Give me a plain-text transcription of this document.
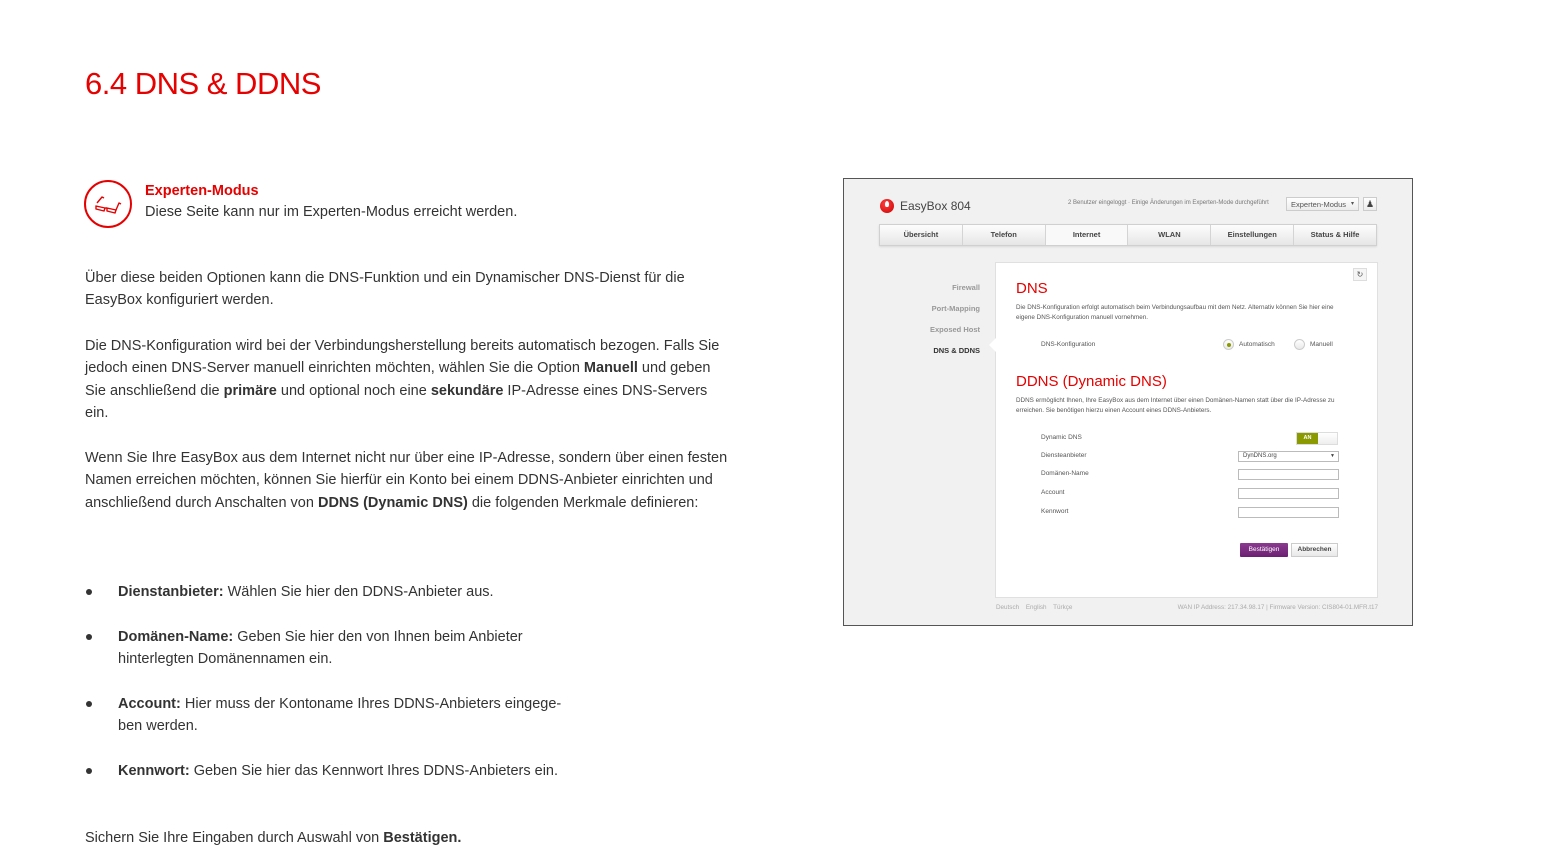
6.4 DNS & DDNS
Experten-Modus
Diese Seite kann nur im Experten-Modus erreicht werden.

Über diese beiden Optionen kann die DNS-Funktion und ein Dynamischer DNS-Dienst für die EasyBox konfiguriert werden.

Die DNS-Konfiguration wird bei der Verbindungsherstellung bereits automatisch bezogen. Falls Sie jedoch einen DNS-Server manuell einrichten möchten, wählen Sie die Option Manuell und geben Sie anschließend die primäre und optional noch eine sekundäre IP-Adresse eines DNS-Servers ein.

Wenn Sie Ihre EasyBox aus dem Internet nicht nur über eine IP-Adresse, sondern über einen festen Namen erreichen möchten, können Sie hierfür ein Konto bei einem DDNS-Anbieter einrichten und anschließend durch Anschalten von DDNS (Dynamic DNS) die folgenden Merkmale definieren:

Dienstanbieter: Wählen Sie hier den DDNS-Anbieter aus.
Domänen-Name: Geben Sie hier den von Ihnen beim Anbieter hinterlegten Domänennamen ein.
Account: Hier muss der Kontoname Ihres DDNS-Anbieters eingege-ben werden.
Kennwort: Geben Sie hier das Kennwort Ihres DDNS-Anbieters ein.

Sichern Sie Ihre Eingaben durch Auswahl von Bestätigen.

EasyBox 804	2 Benutzer eingeloggt · Einige Änderungen im Experten-Mode durchgeführt	Experten-Modus ▾	♟
Übersicht	Telefon	Internet	WLAN	Einstellungen	Status & Hilfe
Firewall
Port-Mapping
Exposed Host
DNS & DDNS
↻
DNS
Die DNS-Konfiguration erfolgt automatisch beim Verbindungsaufbau mit dem Netz. Alternativ können Sie hier eine eigene DNS-Konfiguration manuell vornehmen.
DNS-Konfiguration	Automatisch	Manuell
DDNS (Dynamic DNS)
DDNS ermöglicht Ihnen, Ihre EasyBox aus dem Internet über einen Domänen-Namen statt über die IP-Adresse zu erreichen. Sie benötigen hierzu einen Account eines DDNS-Anbieters.
Dynamic DNS	AN
Diensteanbieter	DynDNS.org	▼
Domänen-Name
Account
Kennwort
Bestätigen	Abbrechen
Deutsch English Türkçe	WAN IP Address: 217.34.98.17 | Firmware Version: CIS804-01.MFR.t17
